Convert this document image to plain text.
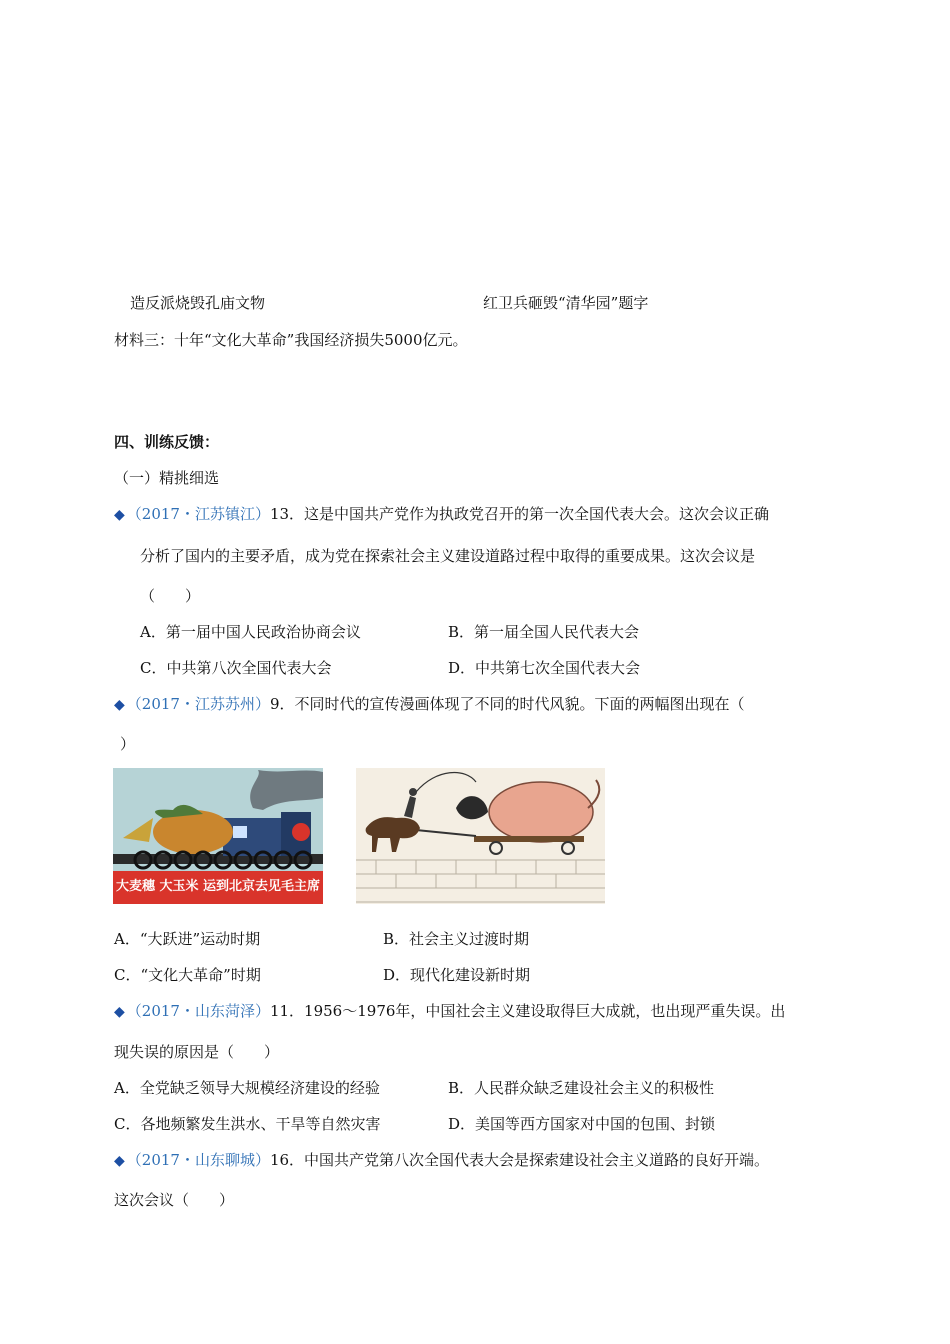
造反派烧毁孔庙文物	红卫兵砸毁“清华园”题字
材料三：十年“文化大革命”我国经济损失5000亿元。
四、训练反馈：
（一）精挑细选
◆ （2017・江苏镇江）13．这是中国共产党作为执政党召开的第一次全国代表大会。这次会议正确
分析了国内的主要矛盾，成为党在探索社会主义建设道路过程中取得的重要成果。这次会议是
（　　）
A．第一届中国人民政治协商会议	B．第一届全国人民代表大会
C．中共第八次全国代表大会	D．中共第七次全国代表大会
◆ （2017・江苏苏州）9．不同时代的宣传漫画体现了不同的时代风貌。下面的两幅图出现在（
）
大麦穗 大玉米 运到北京去见毛主席
A．“大跃进”运动时期	B．社会主义过渡时期
C．“文化大革命”时期	D．现代化建设新时期
◆ （2017・山东菏泽）11．1956～1976年，中国社会主义建设取得巨大成就，也出现严重失误。出
现失误的原因是（　　）
A．全党缺乏领导大规模经济建设的经验	B．人民群众缺乏建设社会主义的积极性
C．各地频繁发生洪水、干旱等自然灾害	D．美国等西方国家对中国的包围、封锁
◆ （2017・山东聊城）16．中国共产党第八次全国代表大会是探索建设社会主义道路的良好开端。
这次会议（　　）
